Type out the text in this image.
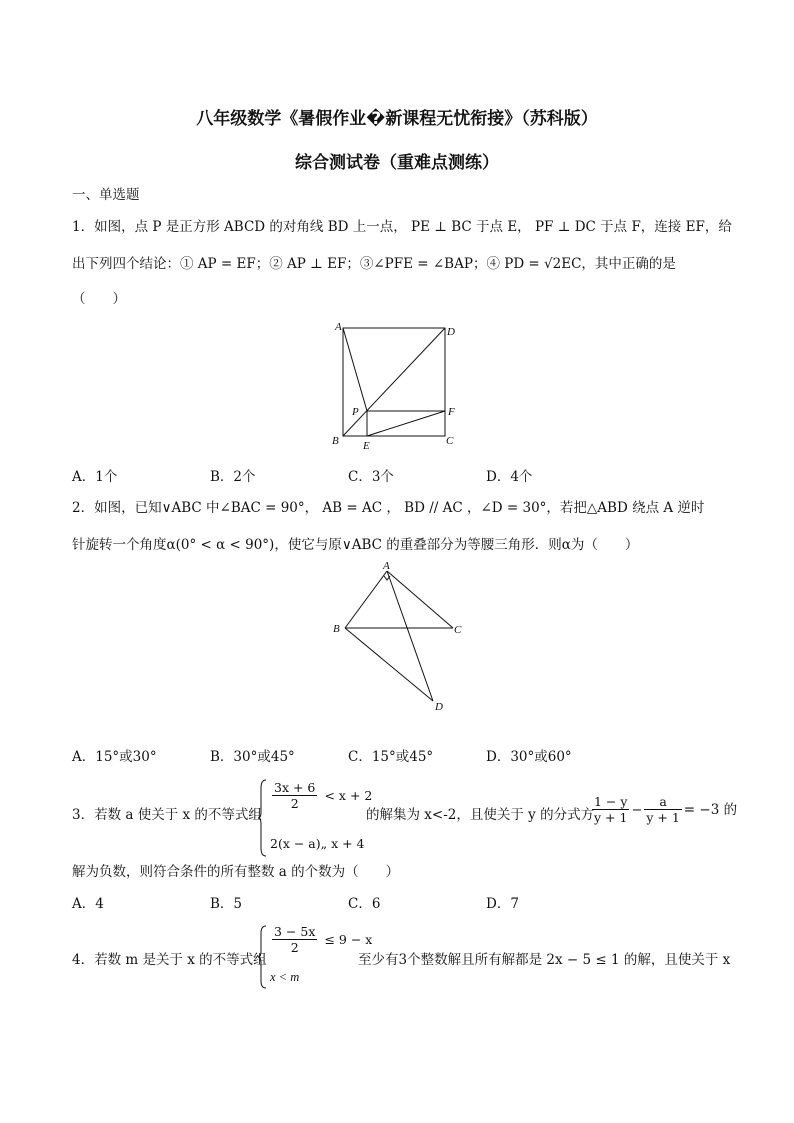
八年级数学《暑假作业�新课程无忧衔接》（苏科版）
综合测试卷（重难点测练）
一、单选题
1．如图，点 P 是正方形 ABCD 的对角线 BD 上一点， PE ⊥ BC 于点 E， PF ⊥ DC 于点 F，连接 EF，给
出下列四个结论：① AP = EF；② AP ⊥ EF；③∠PFE = ∠BAP；④ PD = √2EC，其中正确的是
（　　）
A	D
P	F
B E	C
A．1个	B．2个	C．3个	D．4个
2．如图，已知∨ABC 中∠BAC = 90°， AB = AC ， BD // AC ，∠D = 30°，若把△ABD 绕点 A 逆时
针旋转一个角度α(0° < α < 90°)，使它与原∨ABC 的重叠部分为等腰三角形．则α为（　　）
A
B	C
D
A．15°或30°	B．30°或45°	C．15°或45°	D．30°或60°
3．若数 a 使关于 x 的不等式组
$\frac{3x + 6}{2} < x + 2$
2(x − a)„ x + 4
的解集为 x<-2，且使关于 y 的分式方
$\frac{1 - y}{y + 1} - \frac{a}{y + 1} = -3$ 的
解为负数，则符合条件的所有整数 a 的个数为（　　）
A．4	B．5	C．6	D．7
4．若数 m 是关于 x 的不等式组
$\frac{3 - 5x}{2} \le 9 - x$
x < m
至少有3个整数解且所有解都是 2x − 5 ≤ 1 的解，且使关于 x
